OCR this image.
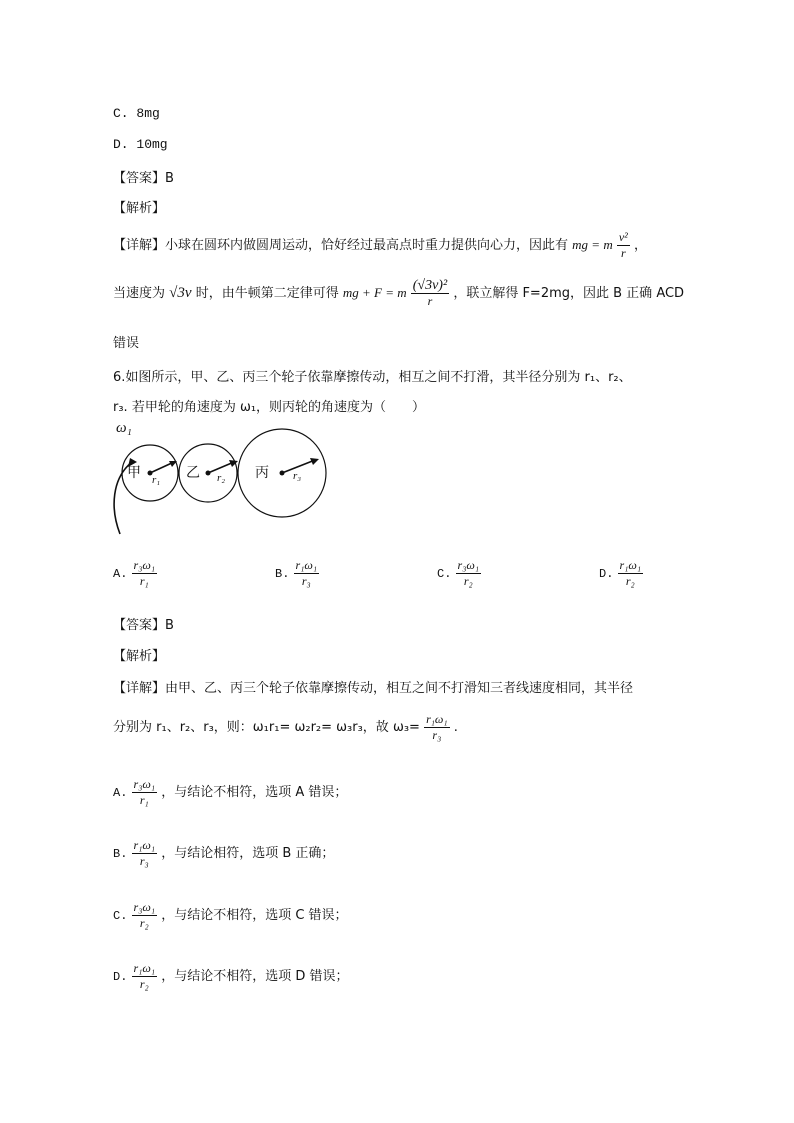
C. 8mg
D. 10mg
【答案】B
【解析】
【详解】小球在圆环内做圆周运动，恰好经过最高点时重力提供向心力，因此有 mg = m $\frac{\text{v²}}{r}$ ，
当速度为 √3v 时，由牛顿第二定律可得 mg + F = m $\frac{\text{(√3v)²}}{r}$ ，联立解得 F=2mg，因此 B 正确 ACD
错误
6.如图所示，甲、乙、丙三个轮子依靠摩擦传动，相互之间不打滑，其半径分别为 r₁、r₂、
r₃. 若甲轮的角速度为 ω₁，则丙轮的角速度为（　　）
ω₁
甲 r₁ 乙 r₂ 丙 r₃
A. $\frac{\text{r₃ω₁}}{\text{r₁}}$	B. $\frac{\text{r₁ω₁}}{\text{r₃}}$	C. $\frac{\text{r₃ω₁}}{\text{r₂}}$	D. $\frac{\text{r₁ω₁}}{\text{r₂}}$
【答案】B
【解析】
【详解】由甲、乙、丙三个轮子依靠摩擦传动，相互之间不打滑知三者线速度相同，其半径
分别为 r₁、r₂、r₃，则：ω₁r₁= ω₂r₂= ω₃r₃，故 $\omega_3= \frac{\text{r₁ω₁}}{\text{r₃}}$ .
A. $\frac{\text{r₃ω₁}}{\text{r₁}}$ ，与结论不相符，选项 A 错误；
B. $\frac{\text{r₁ω₁}}{\text{r₃}}$ ，与结论相符，选项 B 正确；
C. $\frac{\text{r₃ω₁}}{\text{r₂}}$ ，与结论不相符，选项 C 错误；
D. $\frac{\text{r₁ω₁}}{\text{r₂}}$ ，与结论不相符，选项 D 错误；
